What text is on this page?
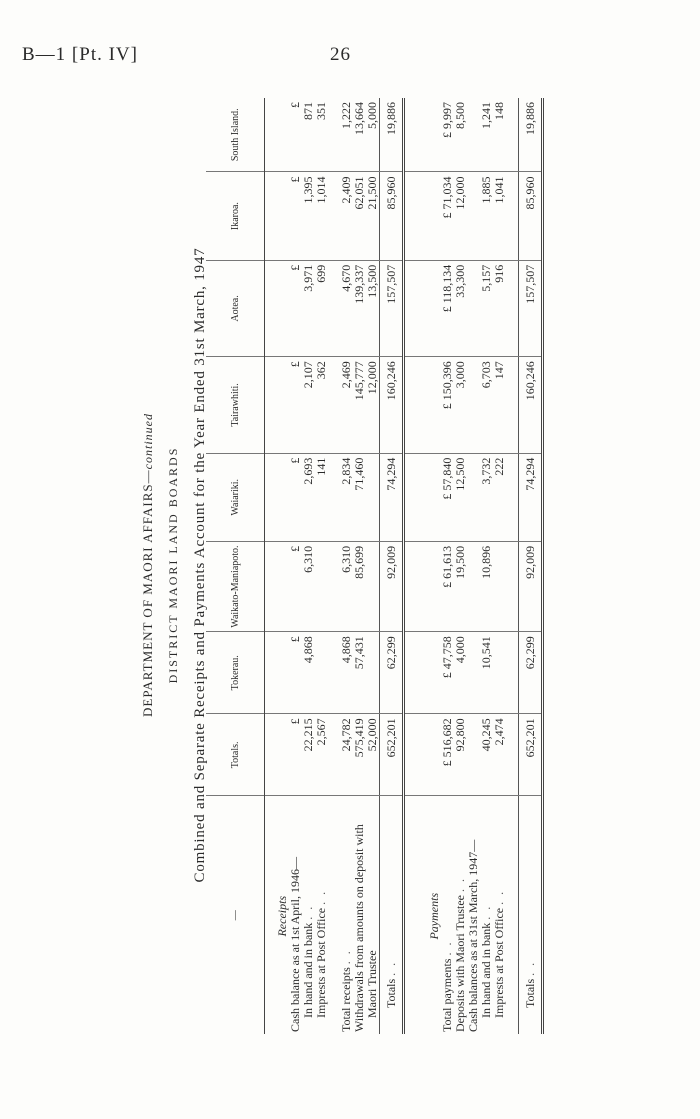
B—1 [Pt. IV]	26
DEPARTMENT OF MAORI AFFAIRS—continued
DISTRICT MAORI LAND BOARDS Combined and Separate Receipts and Payments Account for the Year Ended 31st March, 1947
—	Totals.	Tokerau.	Waikato-Maniapoto.	Waiariki.	Tairawhiti.	Aotea.	Ikaroa.	South Island.
Receipts								
Cash balance as at 1st April, 1946—	£	£	£	£	£	£	£	£
In hand and in bank . .	22,215	4,868	6,310	2,693	2,107	3,971	1,395	871
Imprests at Post Office . .	2,567			141	362	699	1,014	351

Total receipts . .	24,782	4,868	6,310	2,834	2,469	4,670	2,409	1,222
Withdrawals from amounts on deposit with	575,419	57,431	85,699	71,460	145,777	139,337	62,051	13,664
Maori Trustee	52,000				12,000	13,500	21,500	5,000
Totals . .	652,201	62,299	92,009	74,294	160,246	157,507	85,960	19,886

Payments								
Total payments . .	£ 516,682	£ 47,758	£ 61,613	£ 57,840	£ 150,396	£ 118,134	£ 71,034	£ 9,997
Deposits with Maori Trustee . .	92,800	4,000	19,500	12,500	3,000	33,300	12,000	8,500
Cash balances as at 31st March, 1947—								
In hand and in bank . .	40,245	10,541	10,896	3,732	6,703	5,157	1,885	1,241
Imprests at Post Office . .	2,474			222	147	916	1,041	148

Totals . .	652,201	62,299	92,009	74,294	160,246	157,507	85,960	19,886
